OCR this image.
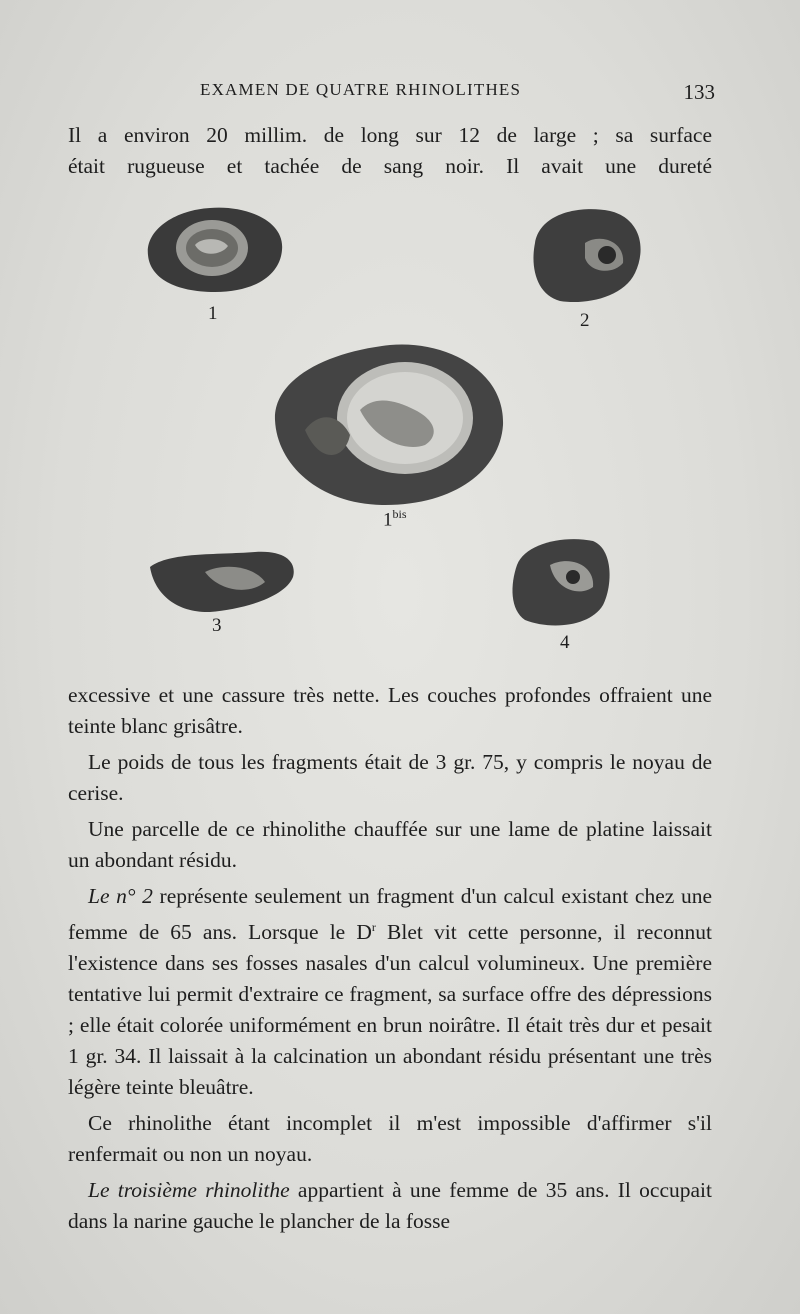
EXAMEN DE QUATRE RHINOLITHES	133

Il a environ 20 millim. de long sur 12 de large ; sa surface

était rugueuse et tachée de sang noir. Il avait une dureté

1	2
$1^{bis}$
3
4

excessive et une cassure très nette. Les couches profondes offraient une teinte blanc grisâtre.

Le poids de tous les fragments était de 3 gr. 75, y compris le noyau de cerise.

Une parcelle de ce rhinolithe chauffée sur une lame de platine laissait un abondant résidu.

Le n° 2 représente seulement un fragment d'un calcul existant chez une femme de 65 ans. Lorsque le $D^r$ Blet vit cette personne, il reconnut l'existence dans ses fosses nasales d'un calcul volumineux. Une première tentative lui permit d'extraire ce fragment, sa surface offre des dépressions ; elle était colorée uniformément en brun noirâtre. Il était très dur et pesait 1 gr. 34. Il laissait à la calcination un abondant résidu présentant une très légère teinte bleuâtre.

Ce rhinolithe étant incomplet il m'est impossible d'affirmer s'il renfermait ou non un noyau.

Le troisième rhinolithe appartient à une femme de 35 ans. Il occupait dans la narine gauche le plancher de la fosse
